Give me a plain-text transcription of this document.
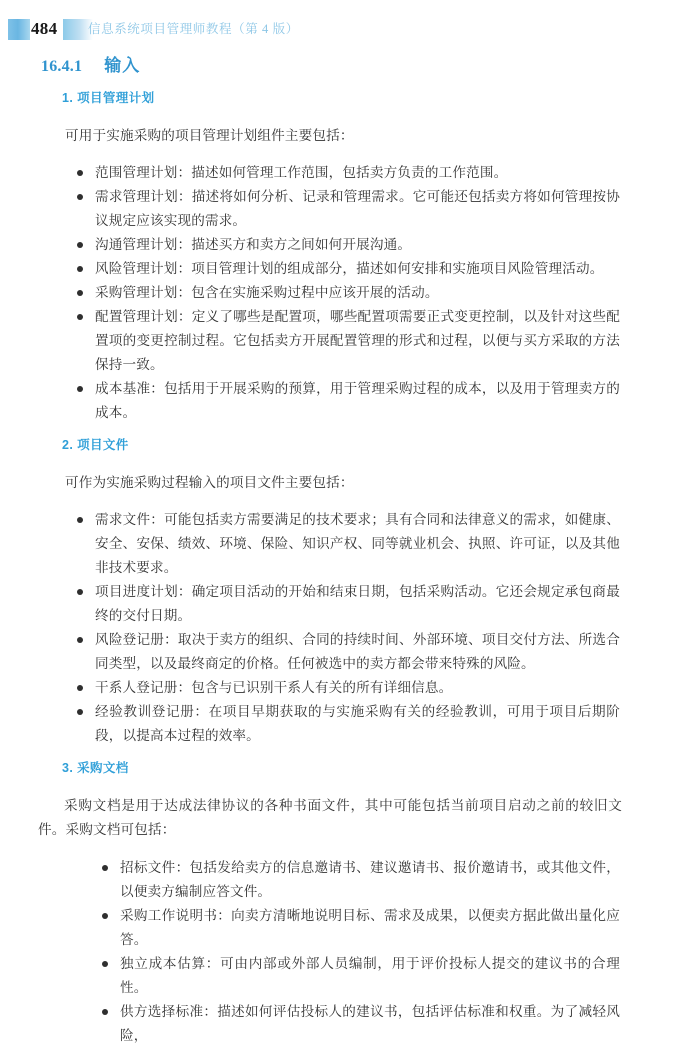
484 信息系统项目管理师教程（第 4 版）
16.4.1 输入
1. 项目管理计划

可用于实施采购的项目管理计划组件主要包括：

范围管理计划：描述如何管理工作范围，包括卖方负责的工作范围。
需求管理计划：描述将如何分析、记录和管理需求。它可能还包括卖方将如何管理按协议规定应该实现的需求。
沟通管理计划：描述买方和卖方之间如何开展沟通。
风险管理计划：项目管理计划的组成部分，描述如何安排和实施项目风险管理活动。
采购管理计划：包含在实施采购过程中应该开展的活动。
配置管理计划：定义了哪些是配置项，哪些配置项需要正式变更控制，以及针对这些配置项的变更控制过程。它包括卖方开展配置管理的形式和过程，以便与买方采取的方法保持一致。
成本基准：包括用于开展采购的预算，用于管理采购过程的成本，以及用于管理卖方的成本。
2. 项目文件

可作为实施采购过程输入的项目文件主要包括：

需求文件：可能包括卖方需要满足的技术要求；具有合同和法律意义的需求，如健康、安全、安保、绩效、环境、保险、知识产权、同等就业机会、执照、许可证，以及其他非技术要求。
项目进度计划：确定项目活动的开始和结束日期，包括采购活动。它还会规定承包商最终的交付日期。
风险登记册：取决于卖方的组织、合同的持续时间、外部环境、项目交付方法、所选合同类型，以及最终商定的价格。任何被选中的卖方都会带来特殊的风险。
干系人登记册：包含与已识别干系人有关的所有详细信息。
经验教训登记册：在项目早期获取的与实施采购有关的经验教训，可用于项目后期阶段，以提高本过程的效率。
3. 采购文档

采购文档是用于达成法律协议的各种书面文件，其中可能包括当前项目启动之前的较旧文件。采购文档可包括：

招标文件：包括发给卖方的信息邀请书、建议邀请书、报价邀请书，或其他文件，以便卖方编制应答文件。
采购工作说明书：向卖方清晰地说明目标、需求及成果，以便卖方据此做出量化应答。
独立成本估算：可由内部或外部人员编制，用于评价投标人提交的建议书的合理性。
供方选择标准：描述如何评估投标人的建议书，包括评估标准和权重。为了减轻风险，
